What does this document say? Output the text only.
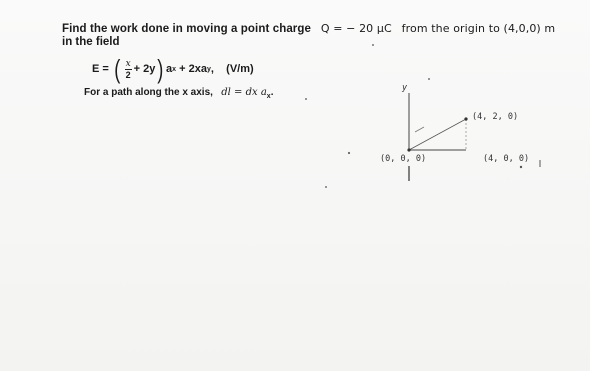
Find the work done in moving a point charge Q = − 20 µC from the origin to (4,0,0) m
in the field
E =
( $\frac{x}{2} + 2y$ ) a x
+ 2xa y , (V/m)
For a path along the x axis, dl = dx $a_x$.	y
(4, 2, 0)
(0, 0, 0)	(4, 0, 0)
